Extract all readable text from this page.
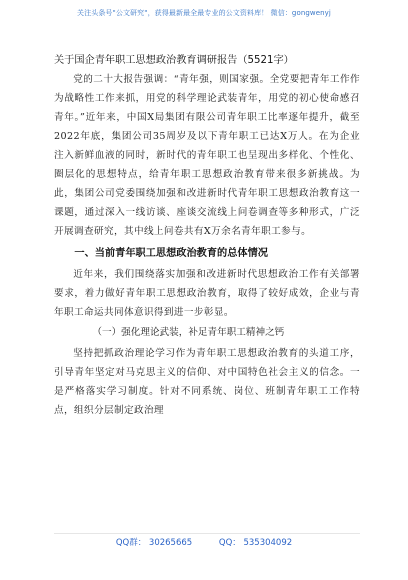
关注头条号"公文研究"，获得最新最全最专业的公文资料库！ 微信：gongwenyj
关于国企青年职工思想政治教育调研报告（5521字）

党的二十大报告强调：“青年强，则国家强。全党要把青年工作作为战略性工作来抓，用党的科学理论武装青年，用党的初心使命感召青年。”近年来，中国X局集团有限公司青年职工比率逐年提升，截至2022年底，集团公司35周岁及以下青年职工已达X万人。在为企业注入新鲜血液的同时，新时代的青年职工也呈现出多样化、个性化、圈层化的思想特点，给青年职工思想政治教育带来很多新挑战。为此，集团公司党委围绕加强和改进新时代青年职工思想政治教育这一课题，通过深入一线访谈、座谈交流线上问卷调查等多种形式，广泛开展调查研究，其中线上问卷共有X万余名青年职工参与。

一、当前青年职工思想政治教育的总体情况

近年来，我们围绕落实加强和改进新时代思想政治工作有关部署要求，着力做好青年职工思想政治教育，取得了较好成效，企业与青年职工命运共同体意识得到进一步彰显。

（一）强化理论武装，补足青年职工精神之钙

坚持把抓政治理论学习作为青年职工思想政治教育的头道工序，引导青年坚定对马克思主义的信仰、对中国特色社会主义的信念。一是严格落实学习制度。针对不同系统、岗位、班制青年职工工作特点，组织分层制定政治理

QQ群： 30265665	QQ： 535304092
